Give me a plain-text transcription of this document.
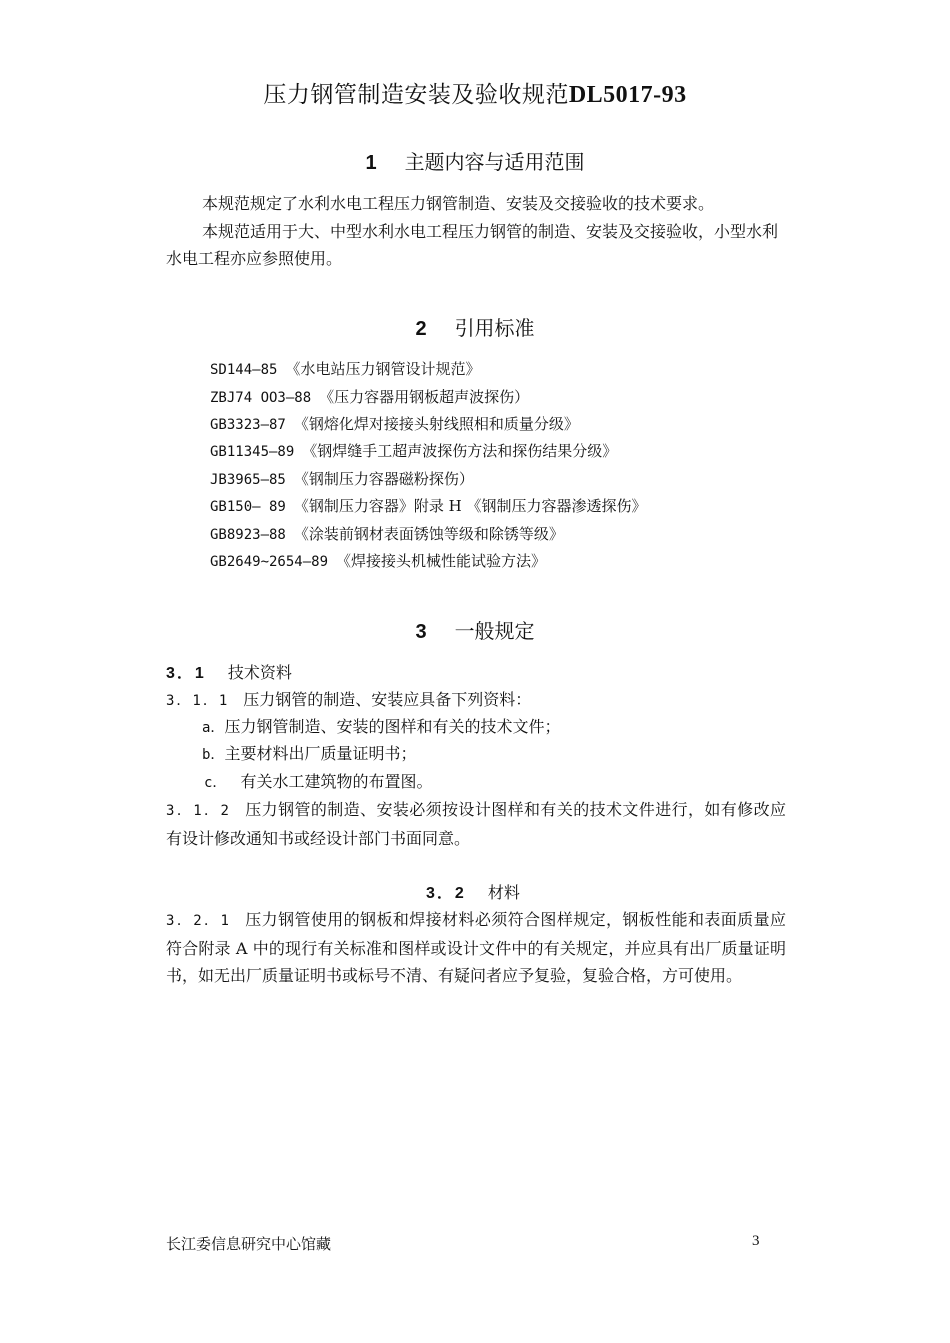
压力钢管制造安装及验收规范DL5017-93
1 主题内容与适用范围
本规范规定了水利水电工程压力钢管制造、安装及交接验收的技术要求。
本规范适用于大、中型水利水电工程压力钢管的制造、安装及交接验收，小型水利水电工程亦应参照使用。
2 引用标准
SD144—85 《水电站压力钢管设计规范》
ZBJ74 OO3—88 《压力容器用钢板超声波探伤）
GB3323—87 《钢熔化焊对接接头射线照相和质量分级》
GB11345—89 《钢焊缝手工超声波探伤方法和探伤结果分级》
JB3965—85 《钢制压力容器磁粉探伤）
GB150— 89 《钢制压力容器》附录 H 《钢制压力容器渗透探伤》
GB8923—88 《涂装前钢材表面锈蚀等级和除锈等级》
GB2649~2654—89 《焊接接头机械性能试验方法》
3 一般规定
3．1 技术资料
3．1．1 压力钢管的制造、安装应具备下列资料：
a．压力钢管制造、安装的图样和有关的技术文件；
b．主要材料出厂质量证明书；
c． 有关水工建筑物的布置图。
3．1．2 压力钢管的制造、安装必须按设计图样和有关的技术文件进行，如有修改应有设计修改通知书或经设计部门书面同意。
3．2 材料
3．2．1 压力钢管使用的钢板和焊接材料必须符合图样规定，钢板性能和表面质量应符合附录 A 中的现行有关标准和图样或设计文件中的有关规定，并应具有出厂质量证明书，如无出厂质量证明书或标号不清、有疑问者应予复验，复验合格，方可使用。
长江委信息研究中心馆藏	3
